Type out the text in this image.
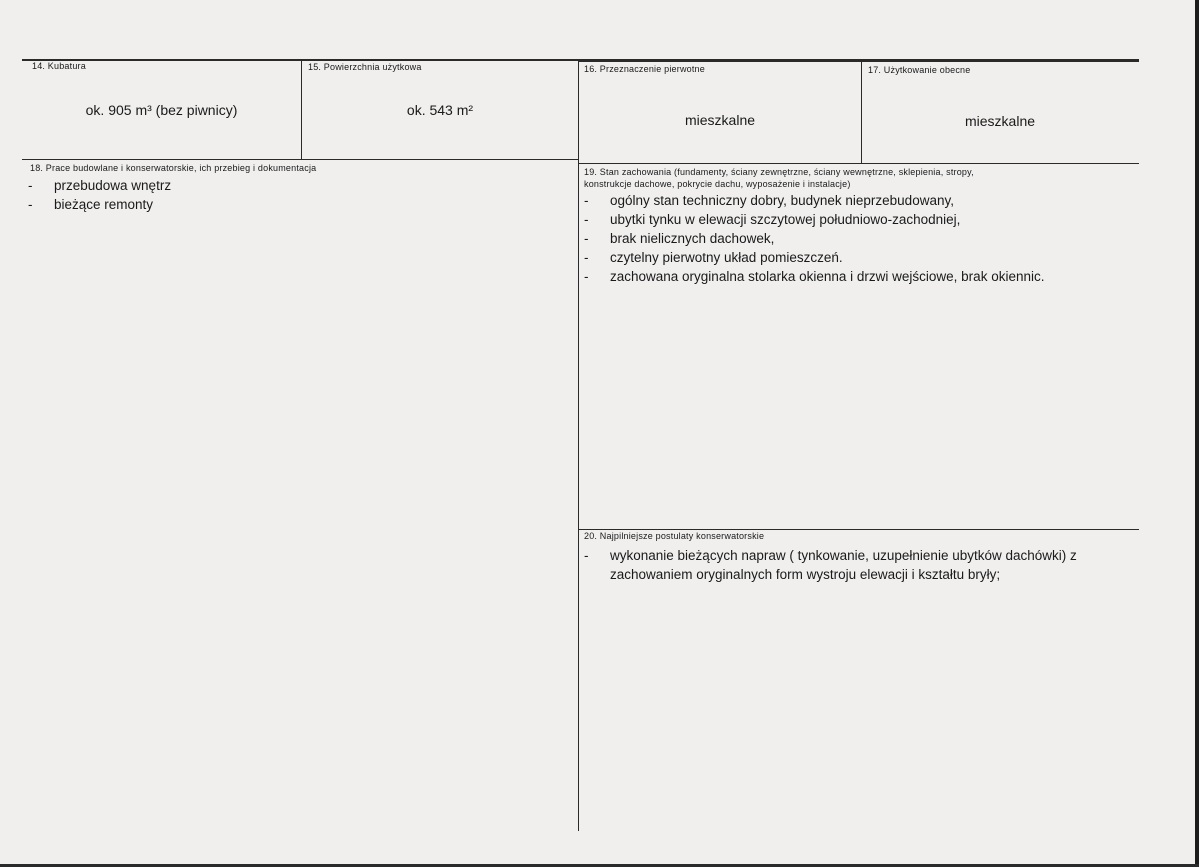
14. Kubatura
ok. 905 m³ (bez piwnicy)
15. Powierzchnia użytkowa
ok. 543 m²
16. Przeznaczenie pierwotne
mieszkalne
17. Użytkowanie obecne
mieszkalne
18. Prace budowlane i konserwatorskie, ich przebieg i dokumentacja
-	przebudowa wnętrz
-	bieżące remonty
19. Stan zachowania (fundamenty, ściany zewnętrzne, ściany wewnętrzne, sklepienia, stropy,
konstrukcje dachowe, pokrycie dachu, wyposażenie i instalacje)
-	ogólny stan techniczny dobry, budynek nieprzebudowany,
-	ubytki tynku w elewacji szczytowej południowo-zachodniej,
-	brak nielicznych dachowek,
-	czytelny pierwotny układ pomieszczeń.
-	zachowana oryginalna stolarka okienna i drzwi wejściowe, brak okiennic.
20. Najpilniejsze postulaty konserwatorskie
-	wykonanie bieżących napraw ( tynkowanie, uzupełnienie ubytków dachówki) z zachowaniem oryginalnych form wystroju elewacji i kształtu bryły;
